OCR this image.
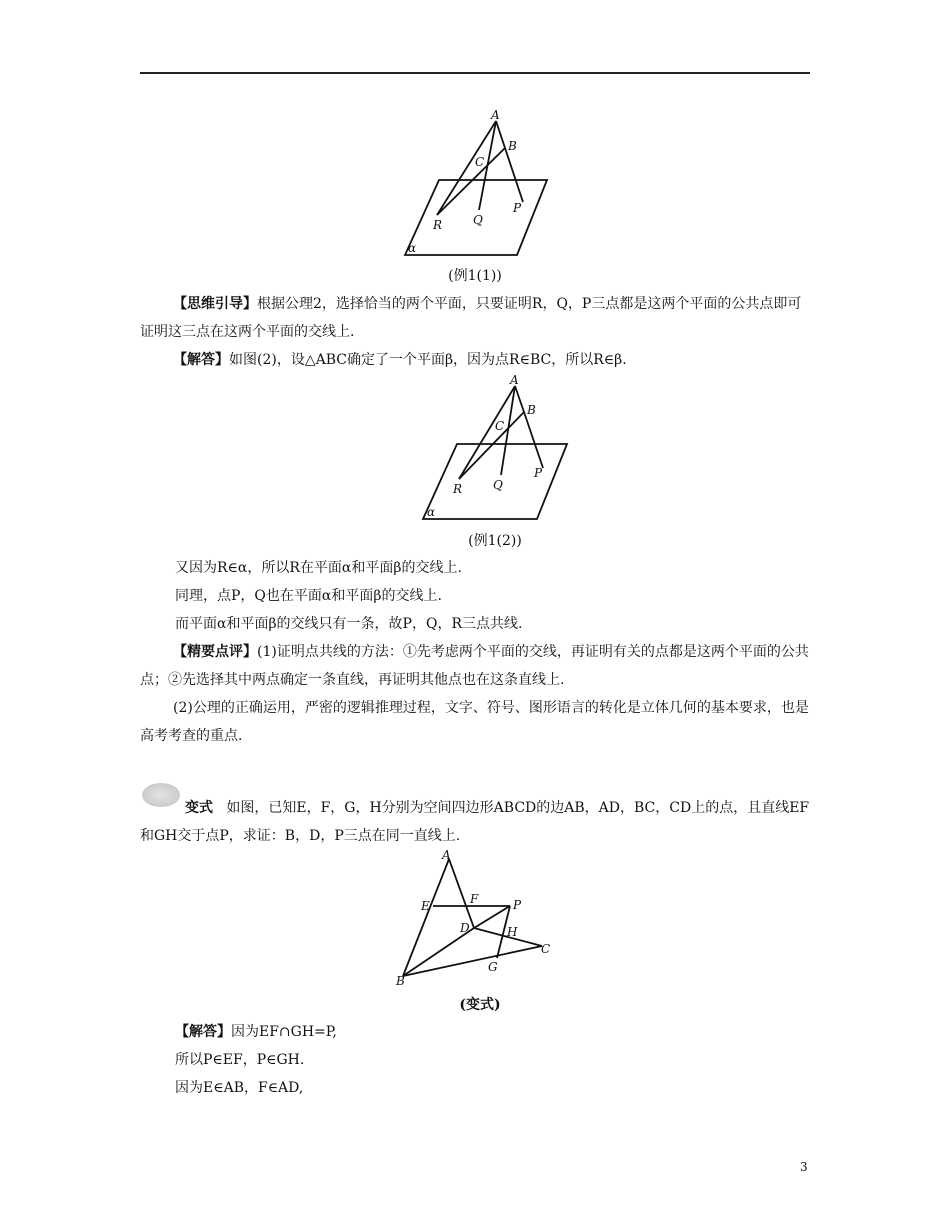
A
B
C
R	Q
P
α
(例1(1))
【思维引导】根据公理2，选择恰当的两个平面，只要证明R，Q，P三点都是这两个平面的公共点即可证明这三点在这两个平面的交线上.
【解答】如图(2)，设△ABC确定了一个平面β，因为点R∈BC，所以R∈β.
A
B
C
R	Q
P
α
(例1(2))
又因为R∈α，所以R在平面α和平面β的交线上.
同理，点P，Q也在平面α和平面β的交线上.
而平面α和平面β的交线只有一条，故P，Q，R三点共线.
【精要点评】(1)证明点共线的方法：①先考虑两个平面的交线，再证明有关的点都是这两个平面的公共点；②先选择其中两点确定一条直线，再证明其他点也在这条直线上.
(2)公理的正确运用，严密的逻辑推理过程，文字、符号、图形语言的转化是立体几何的基本要求，也是高考考查的重点.
变式 如图，已知E，F，G，H分别为空间四边形ABCD的边AB，AD，BC，CD上的点，且直线EF和GH交于点P，求证：B，D，P三点在同一直线上.
A
E	F	P
D	H
C
G
B
(变式)
【解答】因为EF∩GH=P,
所以P∈EF，P∈GH.
因为E∈AB，F∈AD,
3
